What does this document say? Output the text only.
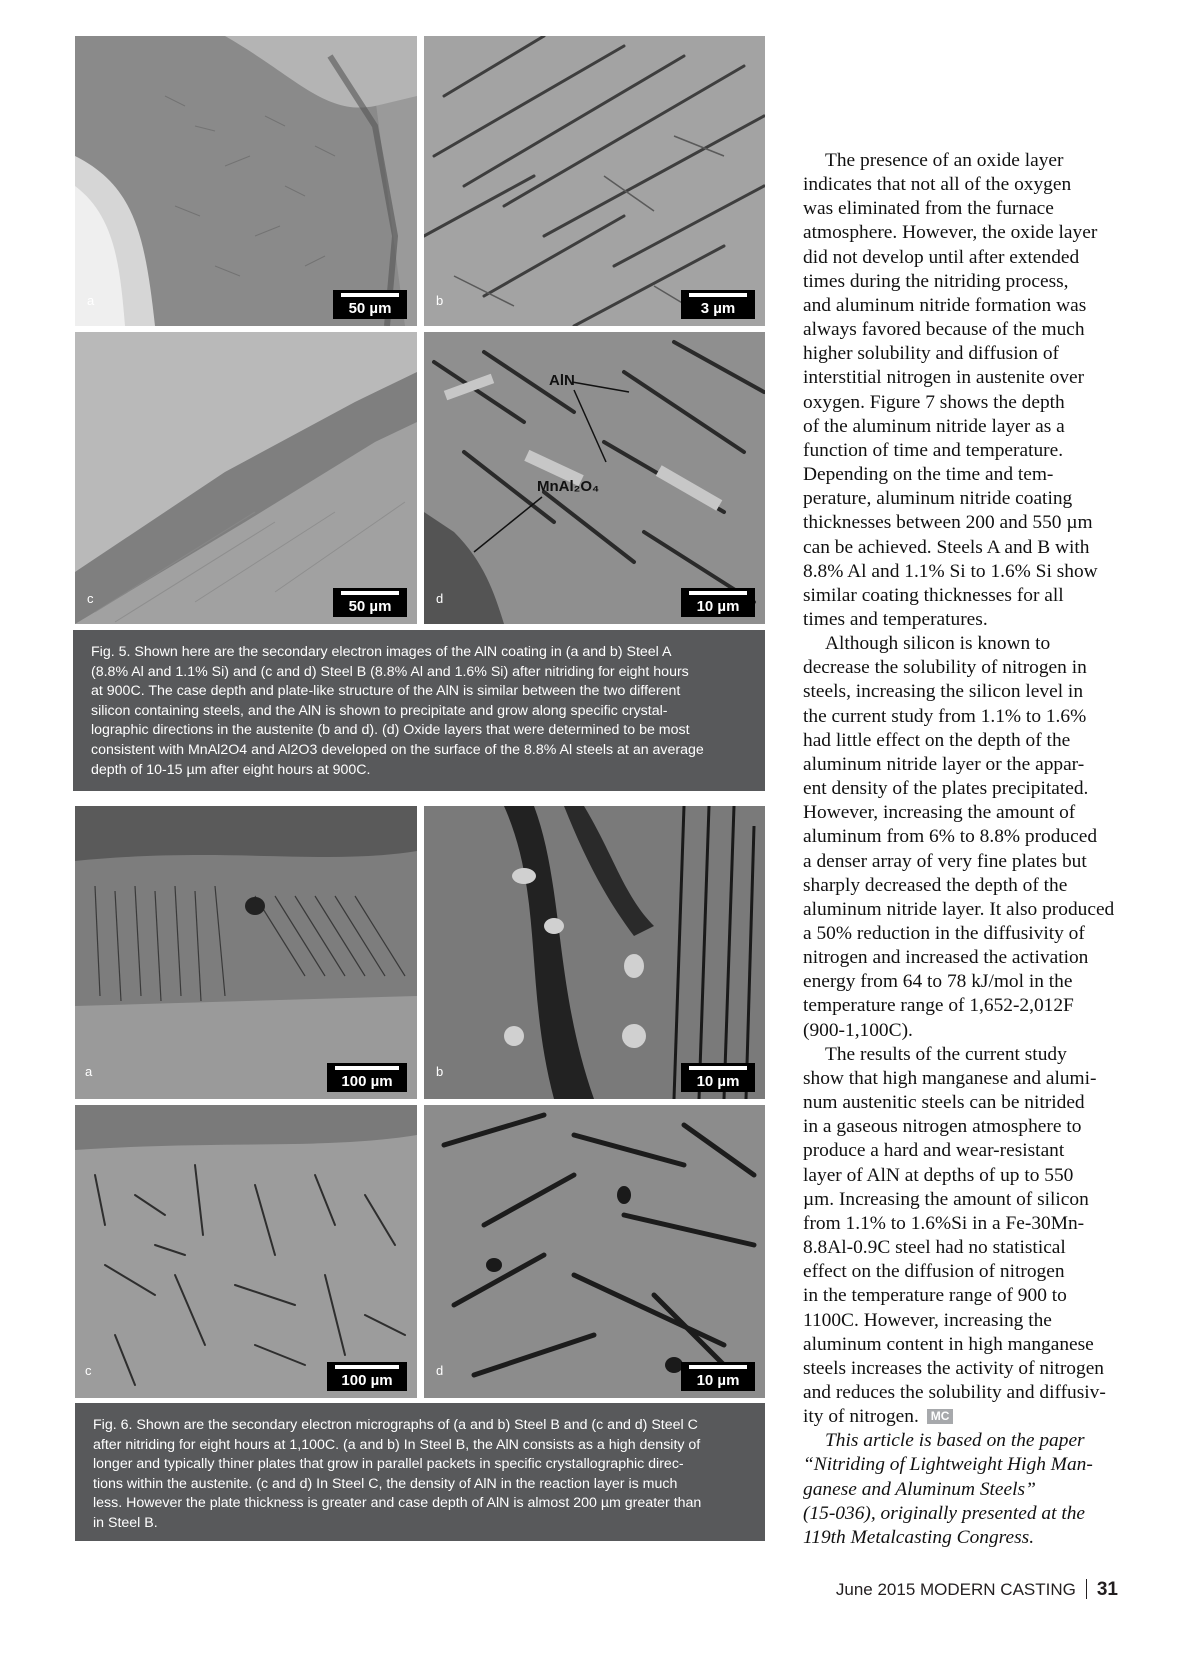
a	50 µm	b	3 µm
c	50 µm
AlN
MnAl₂O₄
d	10 µm
Fig. 5. Shown here are the secondary electron images of the AlN coating in (a and b) Steel A
(8.8% Al and 1.1% Si) and (c and d) Steel B (8.8% Al and 1.6% Si) after nitriding for eight hours
at 900C. The case depth and plate-like structure of the AlN is similar between the two different
silicon containing steels, and the AlN is shown to precipitate and grow along specific crystal-
lographic directions in the austenite (b and d). (d) Oxide layers that were determined to be most
consistent with MnAl2O4 and Al2O3 developed on the surface of the 8.8% Al steels at an average
depth of 10-15 µm after eight hours at 900C.
a
100 µm
b
10 µm
c
100 µm
d
10 µm
Fig. 6. Shown are the secondary electron micrographs of (a and b) Steel B and (c and d) Steel C
after nitriding for eight hours at 1,100C. (a and b) In Steel B, the AlN consists as a high density of
longer and typically thiner plates that grow in parallel packets in specific crystallographic direc-
tions within the austenite. (c and d) In Steel C, the density of AlN in the reaction layer is much
less. However the plate thickness is greater and case depth of AlN is almost 200 µm greater than
in Steel B.
The presence of an oxide layer
indicates that not all of the oxygen
was eliminated from the furnace
atmosphere. However, the oxide layer
did not develop until after extended
times during the nitriding process,
and aluminum nitride formation was
always favored because of the much
higher solubility and diffusion of
interstitial nitrogen in austenite over
oxygen. Figure 7 shows the depth
of the aluminum nitride layer as a
function of time and temperature.
Depending on the time and tem-
perature, aluminum nitride coating
thicknesses between 200 and 550 µm
can be achieved. Steels A and B with
8.8% Al and 1.1% Si to 1.6% Si show
similar coating thicknesses for all
times and temperatures.
Although silicon is known to
decrease the solubility of nitrogen in
steels, increasing the silicon level in
the current study from 1.1% to 1.6%
had little effect on the depth of the
aluminum nitride layer or the appar-
ent density of the plates precipitated.
However, increasing the amount of
aluminum from 6% to 8.8% produced
a denser array of very fine plates but
sharply decreased the depth of the
aluminum nitride layer. It also produced
a 50% reduction in the diffusivity of
nitrogen and increased the activation
energy from 64 to 78 kJ/mol in the
temperature range of 1,652-2,012F
(900-1,100C).
The results of the current study
show that high manganese and alumi-
num austenitic steels can be nitrided
in a gaseous nitrogen atmosphere to
produce a hard and wear-resistant
layer of AlN at depths of up to 550
µm. Increasing the amount of silicon
from 1.1% to 1.6%Si in a Fe-30Mn-
8.8Al-0.9C steel had no statistical
effect on the diffusion of nitrogen
in the temperature range of 900 to
1100C. However, increasing the
aluminum content in high manganese
steels increases the activity of nitrogen
and reduces the solubility and diffusiv-
ity of nitrogen. MC
This article is based on the paper
“Nitriding of Lightweight High Man-
ganese and Aluminum Steels”
(15-036), originally presented at the
119th Metalcasting Congress.
June 2015 MODERN CASTING 31
